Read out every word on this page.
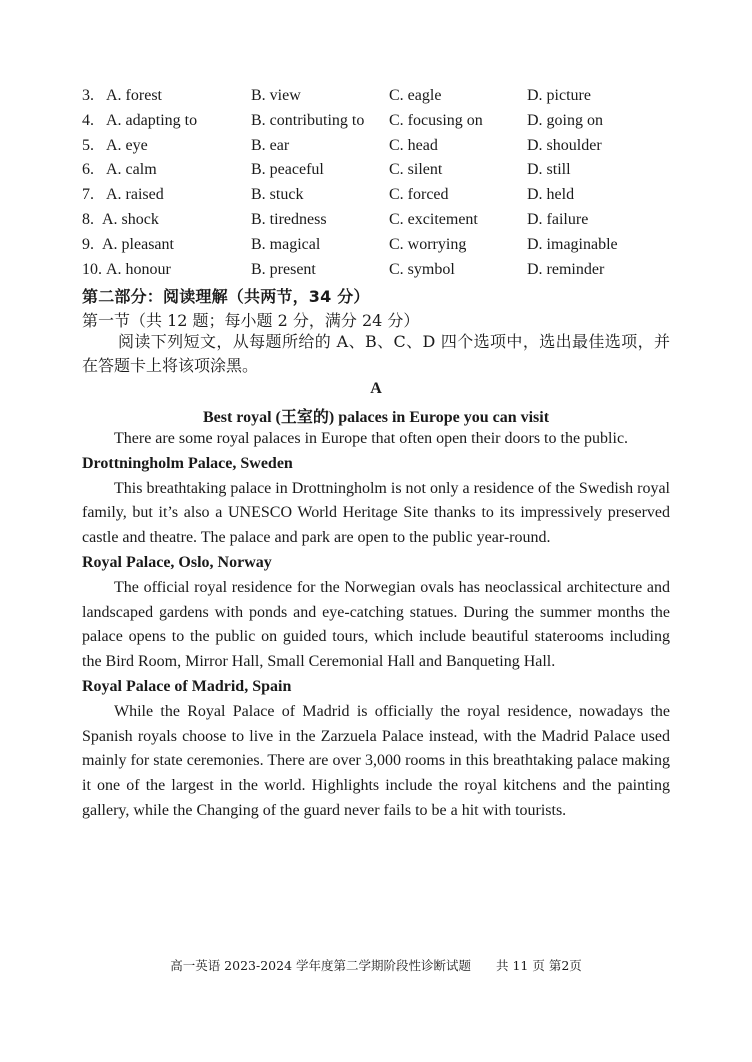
3. A. forest	B. view	C. eagle	D. picture
4. A. adapting to	B. contributing to C. focusing on	D. going on
5. A. eye	B. ear	C. head	D. shoulder
6. A. calm	B. peaceful	C. silent	D. still
7. A. raised	B. stuck	C. forced	D. held
8. A. shock	B. tiredness	C. excitement	D. failure
9. A. pleasant	B. magical	C. worrying	D. imaginable
10. A. honour	B. present	C. symbol	D. reminder
第二部分：阅读理解（共两节，34 分）
第一节（共 12 题；每小题 2 分，满分 24 分）
阅读下列短文，从每题所给的 A、B、C、D 四个选项中，选出最佳选项，并在答题卡上将该项涂黑。
A
Best royal (王室的) palaces in Europe you can visit

There are some royal palaces in Europe that often open their doors to the public.

Drottningholm Palace, Sweden

This breathtaking palace in Drottningholm is not only a residence of the Swedish royal family, but it’s also a UNESCO World Heritage Site thanks to its impressively preserved castle and theatre. The palace and park are open to the public year-round.

Royal Palace, Oslo, Norway

The official royal residence for the Norwegian ovals has neoclassical architecture and landscaped gardens with ponds and eye-catching statues. During the summer months the palace opens to the public on guided tours, which include beautiful staterooms including the Bird Room, Mirror Hall, Small Ceremonial Hall and Banqueting Hall.

Royal Palace of Madrid, Spain

While the Royal Palace of Madrid is officially the royal residence, nowadays the Spanish royals choose to live in the Zarzuela Palace instead, with the Madrid Palace used mainly for state ceremonies. There are over 3,000 rooms in this breathtaking palace making it one of the largest in the world. Highlights include the royal kitchens and the painting gallery, while the Changing of the guard never fails to be a hit with tourists.

高一英语 2023-2024 学年度第二学期阶段性诊断试题　　共 11 页 第2页
